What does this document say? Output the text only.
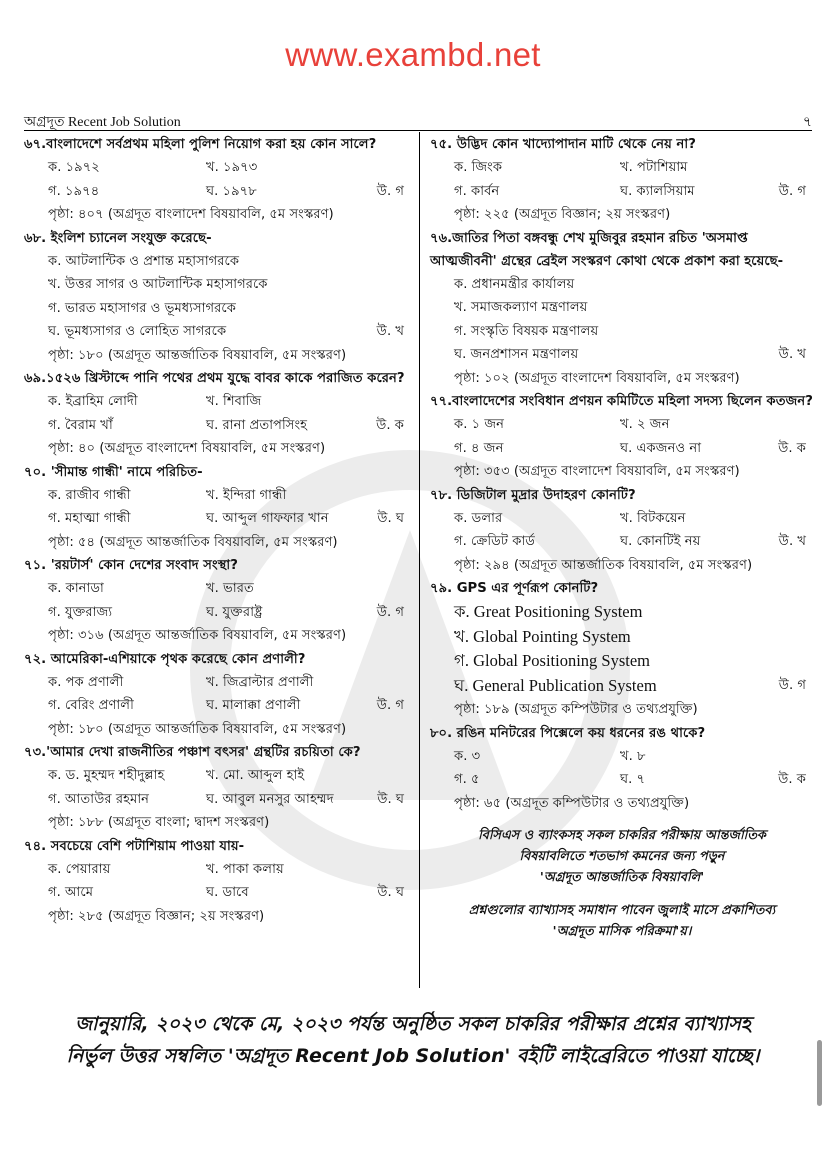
www.exambd.net
অগ্রদূত Recent Job Solution	৭
৬৭.বাংলাদেশে সর্বপ্রথম মহিলা পুলিশ নিয়োগ করা হয় কোন সালে?
ক. ১৯৭২	খ. ১৯৭৩
গ. ১৯৭৪	ঘ. ১৯৭৮	উ. গ
পৃষ্ঠা: ৪০৭ (অগ্রদূত বাংলাদেশ বিষয়াবলি, ৫ম সংস্করণ)
৬৮. ইংলিশ চ্যানেল সংযুক্ত করেছে-
ক. আটলান্টিক ও প্রশান্ত মহাসাগরকে
খ. উত্তর সাগর ও আটলান্টিক মহাসাগরকে
গ. ভারত মহাসাগর ও ভূমধ্যসাগরকে
ঘ. ভূমধ্যসাগর ও লোহিত সাগরকে	উ. খ
পৃষ্ঠা: ১৮০ (অগ্রদূত আন্তর্জাতিক বিষয়াবলি, ৫ম সংস্করণ)
৬৯.১৫২৬ খ্রিস্টাব্দে পানি পথের প্রথম যুদ্ধে বাবর কাকে পরাজিত করেন?
ক. ইব্রাহিম লোদী	খ. শিবাজি
গ. বৈরাম খাঁ	ঘ. রানা প্রতাপসিংহ	উ. ক
পৃষ্ঠা: ৪০ (অগ্রদূত বাংলাদেশ বিষয়াবলি, ৫ম সংস্করণ)
৭০. 'সীমান্ত গান্ধী' নামে পরিচিত-
ক. রাজীব গান্ধী	খ. ইন্দিরা গান্ধী
গ. মহাত্মা গান্ধী	ঘ. আব্দুল গাফফার খান	উ. ঘ
পৃষ্ঠা: ৫৪ (অগ্রদূত আন্তর্জাতিক বিষয়াবলি, ৫ম সংস্করণ)
৭১. 'রয়টার্স' কোন দেশের সংবাদ সংস্থা?
ক. কানাডা	খ. ভারত
গ. যুক্তরাজ্য	ঘ. যুক্তরাষ্ট্র	উ. গ
পৃষ্ঠা: ৩১৬ (অগ্রদূত আন্তর্জাতিক বিষয়াবলি, ৫ম সংস্করণ)
৭২. আমেরিকা-এশিয়াকে পৃথক করেছে কোন প্রণালী?
ক. পক প্রণালী	খ. জিব্রাল্টার প্রণালী
গ. বেরিং প্রণালী	ঘ. মালাক্কা প্রণালী	উ. গ
পৃষ্ঠা: ১৮০ (অগ্রদূত আন্তর্জাতিক বিষয়াবলি, ৫ম সংস্করণ)
৭৩.'আমার দেখা রাজনীতির পঞ্চাশ বৎসর' গ্রন্থটির রচয়িতা কে?
ক. ড. মুহম্মদ শহীদুল্লাহ	খ. মো. আব্দুল হাই
গ. আতাউর রহমান	ঘ. আবুল মনসুর আহম্মদ	উ. ঘ
পৃষ্ঠা: ১৮৮ (অগ্রদূত বাংলা; দ্বাদশ সংস্করণ)
৭৪. সবচেয়ে বেশি পটাশিয়াম পাওয়া যায়-
ক. পেয়ারায়	খ. পাকা কলায়
গ. আমে	ঘ. ডাবে	উ. ঘ
পৃষ্ঠা: ২৮৫ (অগ্রদূত বিজ্ঞান; ২য় সংস্করণ)
৭৫. উদ্ভিদ কোন খাদ্যোপাদান মাটি থেকে নেয় না?
ক. জিংক	খ. পটাশিয়াম
গ. কার্বন	ঘ. ক্যালসিয়াম	উ. গ
পৃষ্ঠা: ২২৫ (অগ্রদূত বিজ্ঞান; ২য় সংস্করণ)
৭৬.জাতির পিতা বঙ্গবন্ধু শেখ মুজিবুর রহমান রচিত 'অসমাপ্ত আত্মজীবনী' গ্রন্থের ব্রেইল সংস্করণ কোথা থেকে প্রকাশ করা হয়েছে-
ক. প্রধানমন্ত্রীর কার্যালয়
খ. সমাজকল্যাণ মন্ত্রণালয়
গ. সংস্কৃতি বিষয়ক মন্ত্রণালয়
ঘ. জনপ্রশাসন মন্ত্রণালয়	উ. খ
পৃষ্ঠা: ১০২ (অগ্রদূত বাংলাদেশ বিষয়াবলি, ৫ম সংস্করণ)
৭৭.বাংলাদেশের সংবিধান প্রণয়ন কমিটিতে মহিলা সদস্য ছিলেন কতজন?
ক. ১ জন	খ. ২ জন
গ. ৪ জন	ঘ. একজনও না	উ. ক
পৃষ্ঠা: ৩৫৩ (অগ্রদূত বাংলাদেশ বিষয়াবলি, ৫ম সংস্করণ)
৭৮. ডিজিটাল মুদ্রার উদাহরণ কোনটি?
ক. ডলার	খ. বিটকয়েন
গ. ক্রেডিট কার্ড	ঘ. কোনটিই নয়	উ. খ
পৃষ্ঠা: ২৯৪ (অগ্রদূত আন্তর্জাতিক বিষয়াবলি, ৫ম সংস্করণ)
৭৯. GPS এর পূর্ণরূপ কোনটি?
ক. Great Positioning System
খ. Global Pointing System
গ. Global Positioning System
ঘ. General Publication System	উ. গ
পৃষ্ঠা: ১৮৯ (অগ্রদূত কম্পিউটার ও তথ্যপ্রযুক্তি)
৮০. রঙিন মনিটরের পিক্সেলে কয় ধরনের রঙ থাকে?
ক. ৩	খ. ৮
গ. ৫	ঘ. ৭	উ. ক
পৃষ্ঠা: ৬৫ (অগ্রদূত কম্পিউটার ও তথ্যপ্রযুক্তি)
বিসিএস ও ব্যাংকসহ সকল চাকরির পরীক্ষায় আন্তর্জাতিক
বিষয়াবলিতে শতভাগ কমনের জন্য পড়ুন
'অগ্রদূত আন্তর্জাতিক বিষয়াবলি'
প্রশ্নগুলোর ব্যাখ্যাসহ সমাধান পাবেন জুলাই মাসে প্রকাশিতব্য
'অগ্রদূত মাসিক পরিক্রমা'য়।
জানুয়ারি, ২০২৩ থেকে মে, ২০২৩ পর্যন্ত অনুষ্ঠিত সকল চাকরির পরীক্ষার প্রশ্নের ব্যাখ্যাসহ
নির্ভুল উত্তর সম্বলিত 'অগ্রদূত Recent Job Solution' বইটি লাইব্রেরিতে পাওয়া যাচ্ছে।
